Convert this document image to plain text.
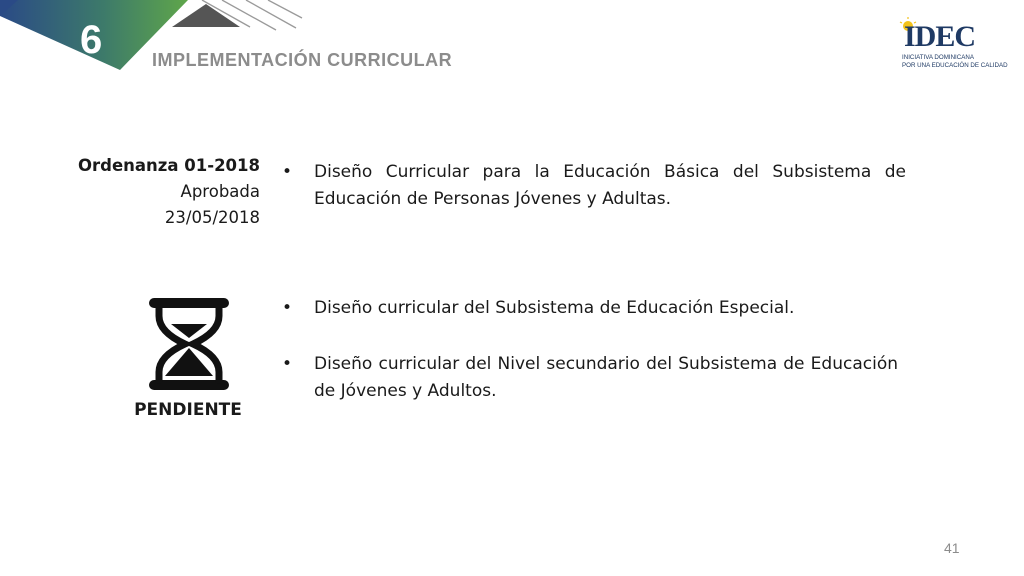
6	IMPLEMENTACIÓN CURRICULAR
IDEC
INICIATIVA DOMINICANA
POR UNA EDUCACIÓN DE CALIDAD
Ordenanza 01-2018
Aprobada
23/05/2018
•	Diseño Curricular para la Educación Básica del Subsistema de Educación de Personas Jóvenes y Adultas.
•	Diseño curricular del Subsistema de Educación Especial.
•	Diseño curricular del Nivel secundario del Subsistema de Educación de Jóvenes y Adultos.
PENDIENTE
41
